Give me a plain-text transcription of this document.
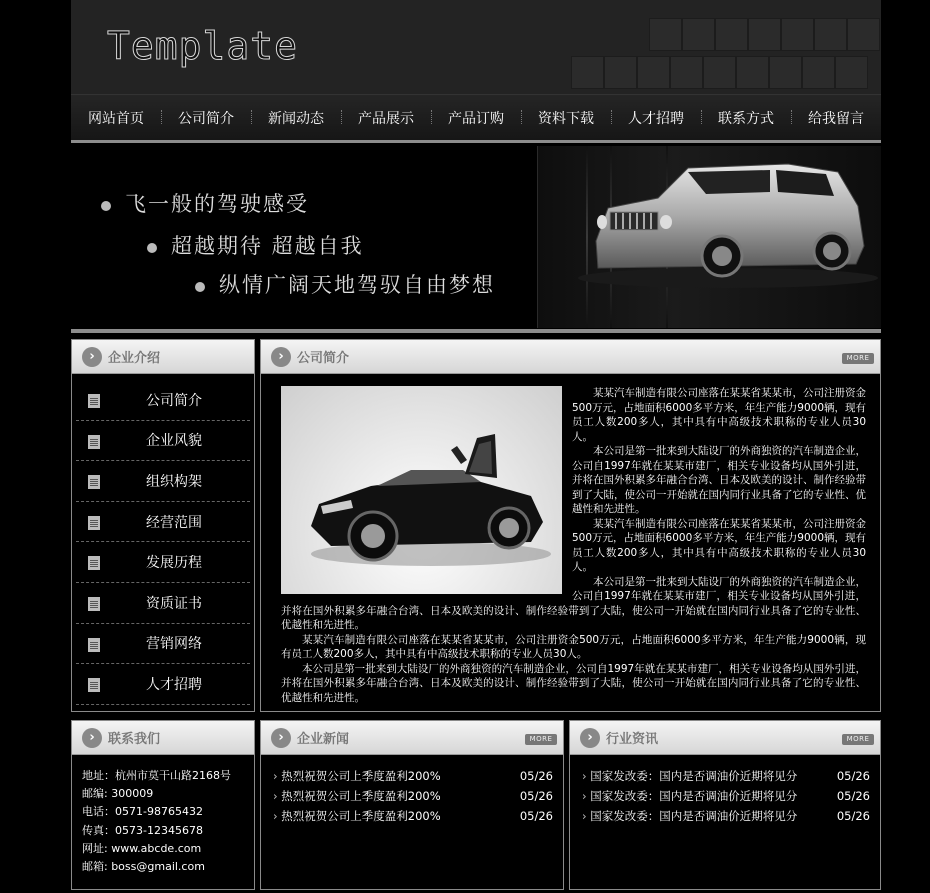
Template
网站首页	公司简介	新闻动态	产品展示	产品订购	资料下载	人才招聘	联系方式	给我留言
飞一般的驾驶感受
超越期待 超越自我
纵情广阔天地驾驭自由梦想
›	企业介绍
公司简介
企业风貌
组织构架
经营范围
发展历程
资质证书
营销网络
人才招聘
›	公司简介	MORE

某某汽车制造有限公司座落在某某省某某市，公司注册资金500万元，占地面积6000多平方米，年生产能力9000辆，现有员工人数200多人，其中具有中高级技术职称的专业人员30人。

本公司是第一批来到大陆设厂的外商独资的汽车制造企业，公司自1997年就在某某市建厂，相关专业设备均从国外引进，并将在国外积累多年融合台湾、日本及欧美的设计、制作经验带到了大陆，使公司一开始就在国内同行业具备了它的专业性、优越性和先进性。

某某汽车制造有限公司座落在某某省某某市，公司注册资金500万元，占地面积6000多平方米，年生产能力9000辆，现有员工人数200多人，其中具有中高级技术职称的专业人员30人。

本公司是第一批来到大陆设厂的外商独资的汽车制造企业，公司自1997年就在某某市建厂，相关专业设备均从国外引进，并将在国外积累多年融合台湾、日本及欧美的设计、制作经验带到了大陆，使公司一开始就在国内同行业具备了它的专业性、优越性和先进性。

某某汽车制造有限公司座落在某某省某某市，公司注册资金500万元，占地面积6000多平方米，年生产能力9000辆，现有员工人数200多人，其中具有中高级技术职称的专业人员30人。

本公司是第一批来到大陆设厂的外商独资的汽车制造企业，公司自1997年就在某某市建厂，相关专业设备均从国外引进，并将在国外积累多年融合台湾、日本及欧美的设计、制作经验带到了大陆，使公司一开始就在国内同行业具备了它的专业性、优越性和先进性。

›	联系我们
地址：杭州市莫干山路2168号
邮编: 300009
电话：0571-98765432
传真：0573-12345678
网址: www.abcde.com
邮箱: boss@gmail.com
›	企业新闻	MORE
› 热烈祝贺公司上季度盈利200%	05/26
› 热烈祝贺公司上季度盈利200%	05/26
› 热烈祝贺公司上季度盈利200%	05/26
›	行业资讯	MORE
› 国家发改委：国内是否调油价近期将见分	05/26
› 国家发改委：国内是否调油价近期将见分	05/26
› 国家发改委：国内是否调油价近期将见分	05/26
